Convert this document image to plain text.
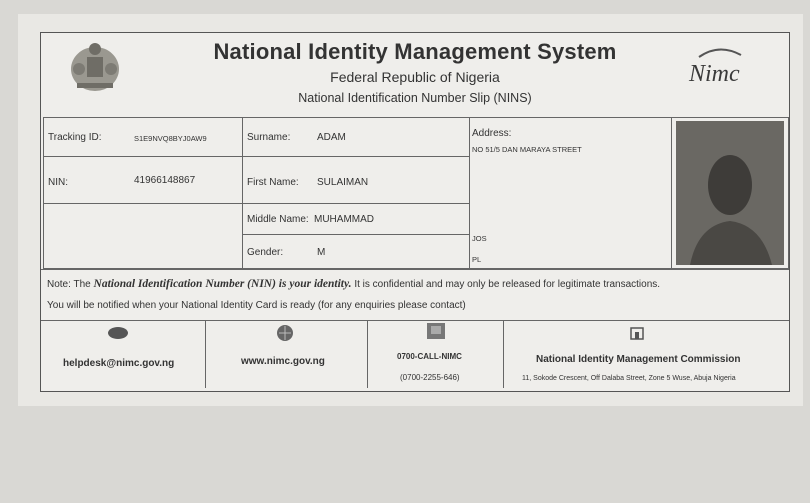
National Identity Management System
Federal Republic of Nigeria
National Identification Number Slip (NINS)
Nimc
Tracking ID:	S1E9NVQ8BYJ0AW9	Surname:	ADAM
NIN:	41966148867	First Name: SULAIMAN
Middle Name: MUHAMMAD
Gender:	M
Address:
NO 51/5 DAN MARAYA STREET
JOS
PL
Note: The National Identification Number (NIN) is your identity. It is confidential and may only be released for legitimate transactions.
You will be notified when your National Identity Card is ready (for any enquiries please contact)
helpdesk@nimc.gov.ng	www.nimc.gov.ng	0700-CALL-NIMC
(0700-2255-646)
National Identity Management Commission
11, Sokode Crescent, Off Dalaba Street, Zone 5 Wuse, Abuja Nigeria
